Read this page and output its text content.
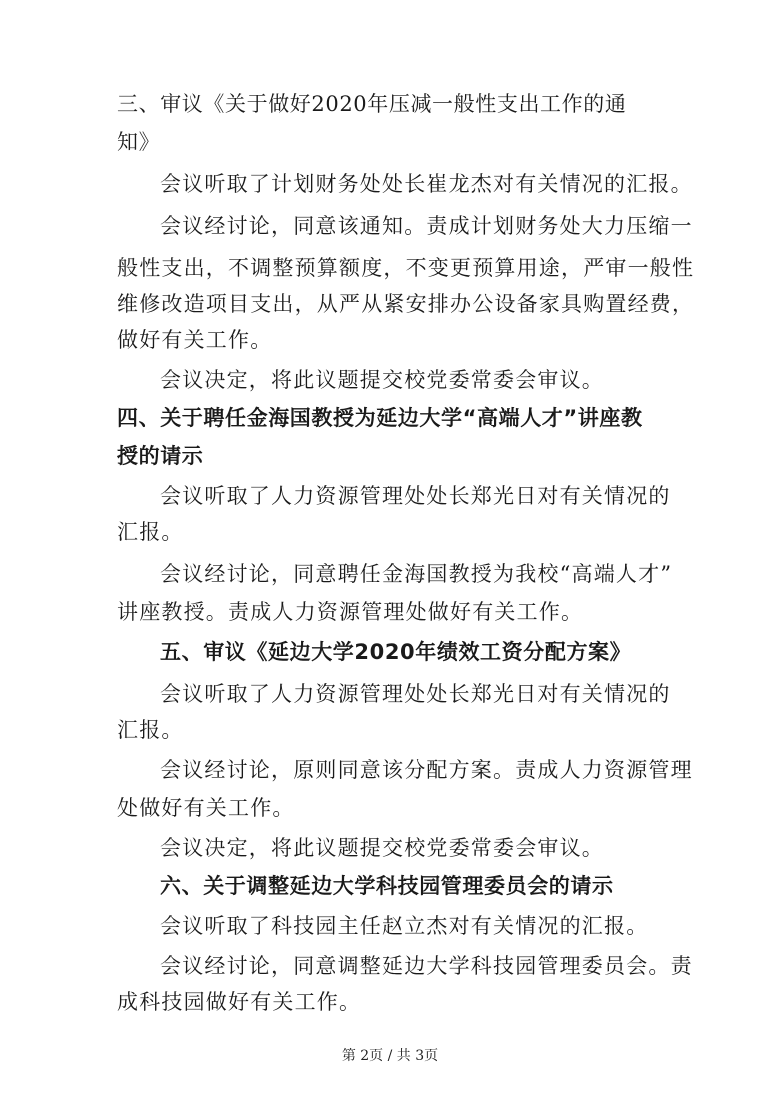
三、审议《关于做好2020年压减一般性支出工作的通
知》
会议听取了计划财务处处长崔龙杰对有关情况的汇报。
会议经讨论，同意该通知。责成计划财务处大力压缩一
般性支出，不调整预算额度，不变更预算用途，严审一般性
维修改造项目支出，从严从紧安排办公设备家具购置经费，
做好有关工作。
会议决定，将此议题提交校党委常委会审议。
四、关于聘任金海国教授为延边大学“高端人才”讲座教
授的请示
会议听取了人力资源管理处处长郑光日对有关情况的
汇报。
会议经讨论，同意聘任金海国教授为我校“高端人才”
讲座教授。责成人力资源管理处做好有关工作。
五、审议《延边大学2020年绩效工资分配方案》
会议听取了人力资源管理处处长郑光日对有关情况的
汇报。
会议经讨论，原则同意该分配方案。责成人力资源管理
处做好有关工作。
会议决定，将此议题提交校党委常委会审议。
六、关于调整延边大学科技园管理委员会的请示
会议听取了科技园主任赵立杰对有关情况的汇报。
会议经讨论，同意调整延边大学科技园管理委员会。责
成科技园做好有关工作。
第 2页 / 共 3页
